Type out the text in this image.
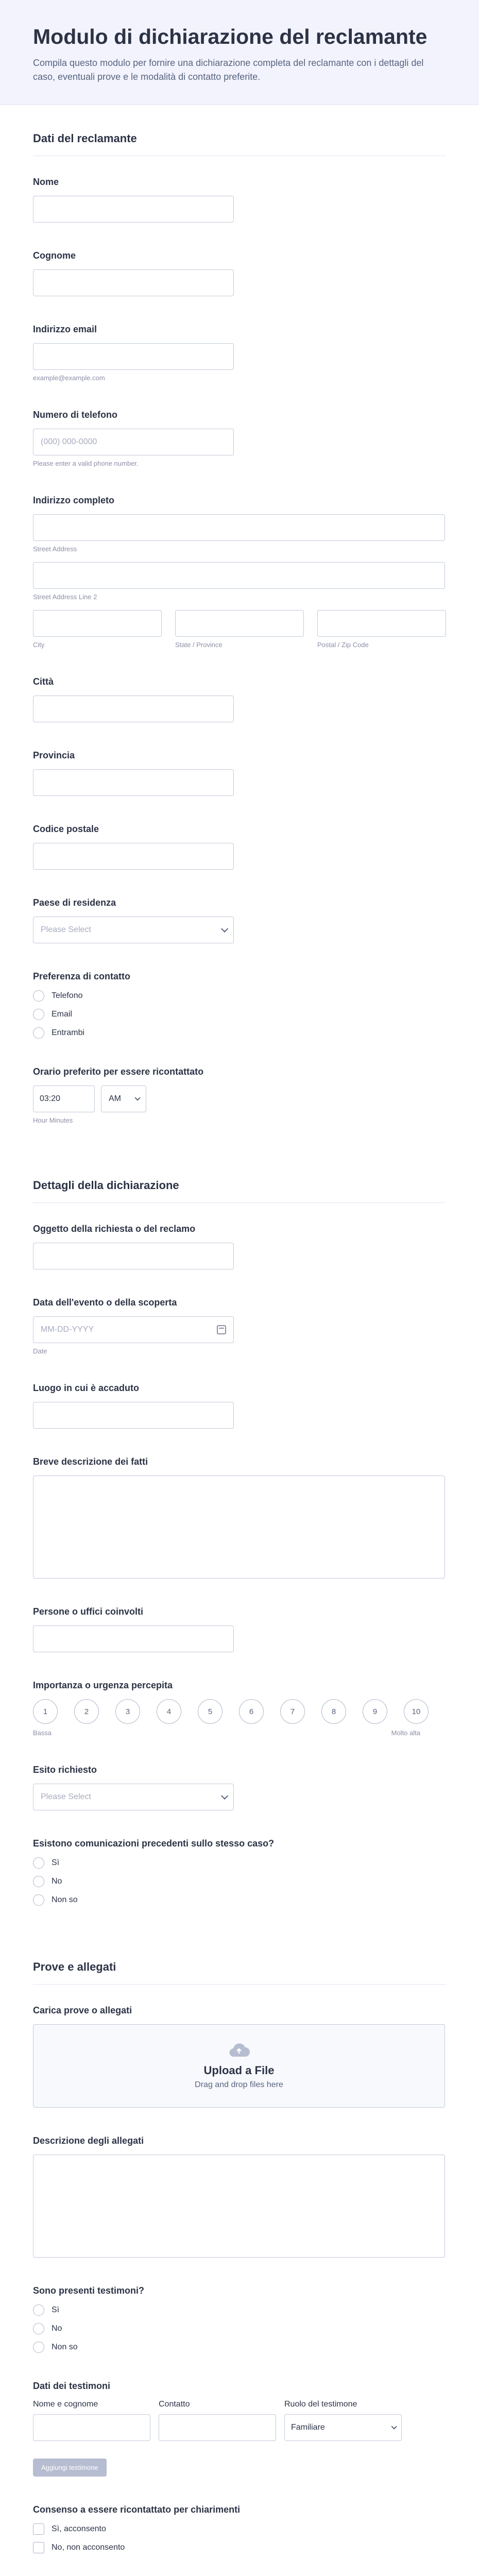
Modulo di dichiarazione del reclamante

Compila questo modulo per fornire una dichiarazione completa del reclamante con i dettagli del caso, eventuali prove e le modalità di contatto preferite.

Dati del reclamante
Nome
Cognome
Indirizzo email
example@example.com
Numero di telefono
(000) 000-0000
Please enter a valid phone number.
Indirizzo completo
Street Address
Street Address Line 2
City	State / Province	Postal / Zip Code
Città
Provincia
Codice postale
Paese di residenza
Please Select
Preferenza di contatto
Telefono
Email
Entrambi
Orario preferito per essere ricontattato
03:20	AM
Hour Minutes
Dettagli della dichiarazione
Oggetto della richiesta o del reclamo
Data dell'evento o della scoperta
MM-DD-YYYY
Date
Luogo in cui è accaduto
Breve descrizione dei fatti
Persone o uffici coinvolti
Importanza o urgenza percepita
1	2	3	4	5	6	7	8	9	10
Bassa	Molto alta
Esito richiesto
Please Select
Esistono comunicazioni precedenti sullo stesso caso?
Sì
No
Non so
Prove e allegati
Carica prove o allegati
Upload a File
Drag and drop files here
Descrizione degli allegati
Sono presenti testimoni?
Sì
No
Non so
Dati dei testimoni
Nome e cognome	Contatto	Ruolo del testimone
Familiare
Aggiungi testimone
Consenso a essere ricontattato per chiarimenti
Sì, acconsento
No, non acconsento
